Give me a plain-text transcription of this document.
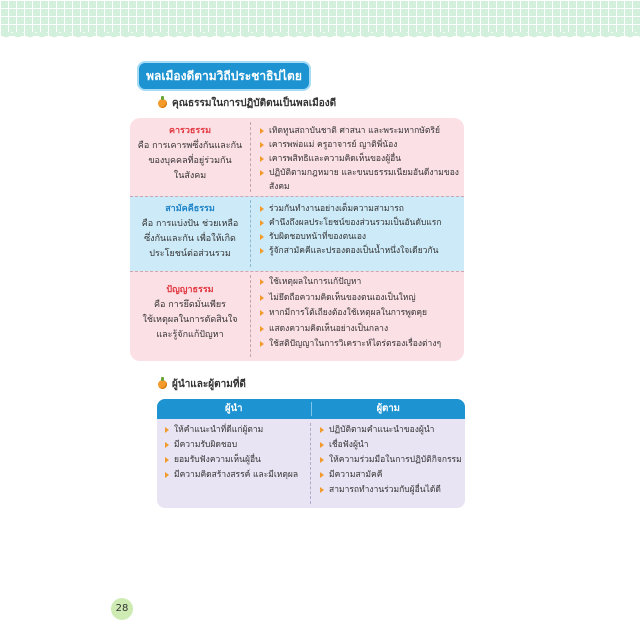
พลเมืองดีตามวิถีประชาธิปไตย
คุณธรรมในการปฏิบัติตนเป็นพลเมืองดี
คารวธรรม
คือ การเคารพซึ่งกันและกัน
ของบุคคลที่อยู่ร่วมกัน
ในสังคม
เทิดทูนสถาบันชาติ ศาสนา และพระมหากษัตริย์
เคารพพ่อแม่ ครูอาจารย์ ญาติพี่น้อง
เคารพสิทธิและความคิดเห็นของผู้อื่น
ปฏิบัติตามกฎหมาย และขนบธรรมเนียมอันดีงามของสังคม
สามัคคีธรรม
คือ การแบ่งปัน ช่วยเหลือ
ซึ่งกันและกัน เพื่อให้เกิด
ประโยชน์ต่อส่วนรวม
ร่วมกันทำงานอย่างเต็มความสามารถ
คำนึงถึงผลประโยชน์ของส่วนรวมเป็นอันดับแรก
รับผิดชอบหน้าที่ของตนเอง
รู้จักสามัคคีและปรองดองเป็นน้ำหนึ่งใจเดียวกัน
ปัญญาธรรม
คือ การยึดมั่นเพียร
ใช้เหตุผลในการตัดสินใจ
และรู้จักแก้ปัญหา
ใช้เหตุผลในการแก้ปัญหา
ไม่ยึดถือความคิดเห็นของตนเองเป็นใหญ่
หากมีการโต้เถียงต้องใช้เหตุผลในการพูดคุย
แสดงความคิดเห็นอย่างเป็นกลาง
ใช้สติปัญญาในการวิเคราะห์ไตร่ตรองเรื่องต่างๆ
ผู้นำและผู้ตามที่ดี
ผู้นำ	ผู้ตาม
ให้คำแนะนำที่ดีแก่ผู้ตาม
มีความรับผิดชอบ
ยอมรับฟังความเห็นผู้อื่น
มีความคิดสร้างสรรค์ และมีเหตุผล
ปฏิบัติตามคำแนะนำของผู้นำ
เชื่อฟังผู้นำ
ให้ความร่วมมือในการปฏิบัติกิจกรรม
มีความสามัคคี
สามารถทำงานร่วมกับผู้อื่นได้ดี
28
